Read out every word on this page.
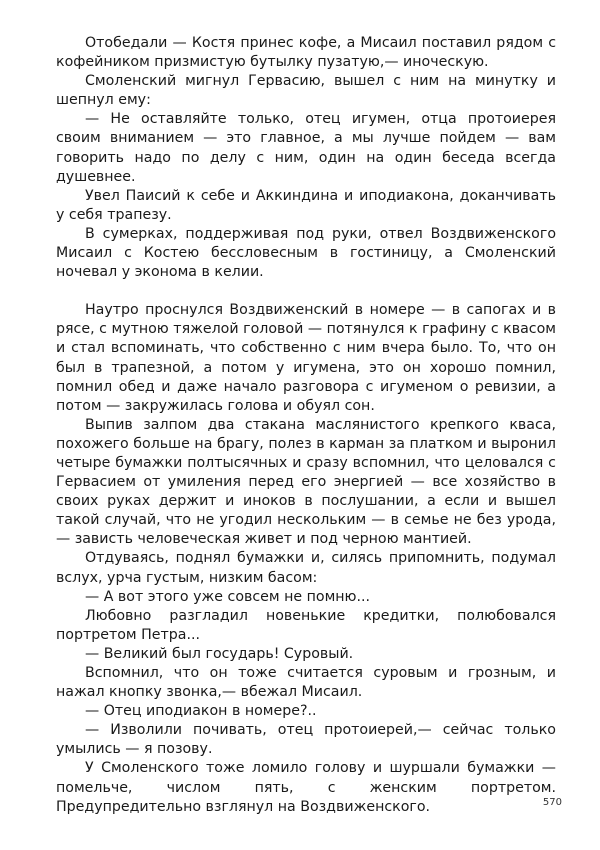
Отобедали — Костя принес кофе, а Мисаил поставил рядом с кофейником призмистую бутылку пузатую,— иноческую.

Смоленский мигнул Гервасию, вышел с ним на минутку и шепнул ему:

— Не оставляйте только, отец игумен, отца протоиерея своим вниманием — это главное, а мы лучше пойдем — вам говорить надо по делу с ним, один на один беседа всегда душевнее.

Увел Паисий к себе и Аккиндина и иподиакона, доканчивать у себя трапезу.

В сумерках, поддерживая под руки, отвел Воздвиженского Мисаил с Костею бессловесным в гостиницу, а Смоленский ночевал у эконома в келии.

Наутро проснулся Воздвиженский в номере — в сапогах и в рясе, с мутною тяжелой головой — потянулся к графину с квасом и стал вспоминать, что собственно с ним вчера было. То, что он был в трапезной, а потом у игумена, это он хорошо помнил, помнил обед и даже начало разговора с игуменом о ревизии, а потом — закружилась голова и обуял сон.

Выпив залпом два стакана маслянистого крепкого кваса, похожего больше на брагу, полез в карман за платком и выронил четыре бумажки полтысячных и сразу вспомнил, что целовался с Гервасием от умиления перед его энергией — все хозяйство в своих руках держит и иноков в послушании, а если и вышел такой случай, что не угодил нескольким — в семье не без урода,— зависть человеческая живет и под черною мантией.

Отдуваясь, поднял бумажки и, силясь припомнить, подумал вслух, урча густым, низким басом:

— А вот этого уже совсем не помню...

Любовно разгладил новенькие кредитки, полюбовался портретом Петра...

— Великий был государь! Суровый.

Вспомнил, что он тоже считается суровым и грозным, и нажал кнопку звонка,— вбежал Мисаил.

— Отец иподиакон в номере?..

— Изволили почивать, отец протоиерей,— сейчас только умылись — я позову.

У Смоленского тоже ломило голову и шуршали бумажки — помельче, числом пять, с женским портретом. Предупредительно взглянул на Воздвиженского.	570
